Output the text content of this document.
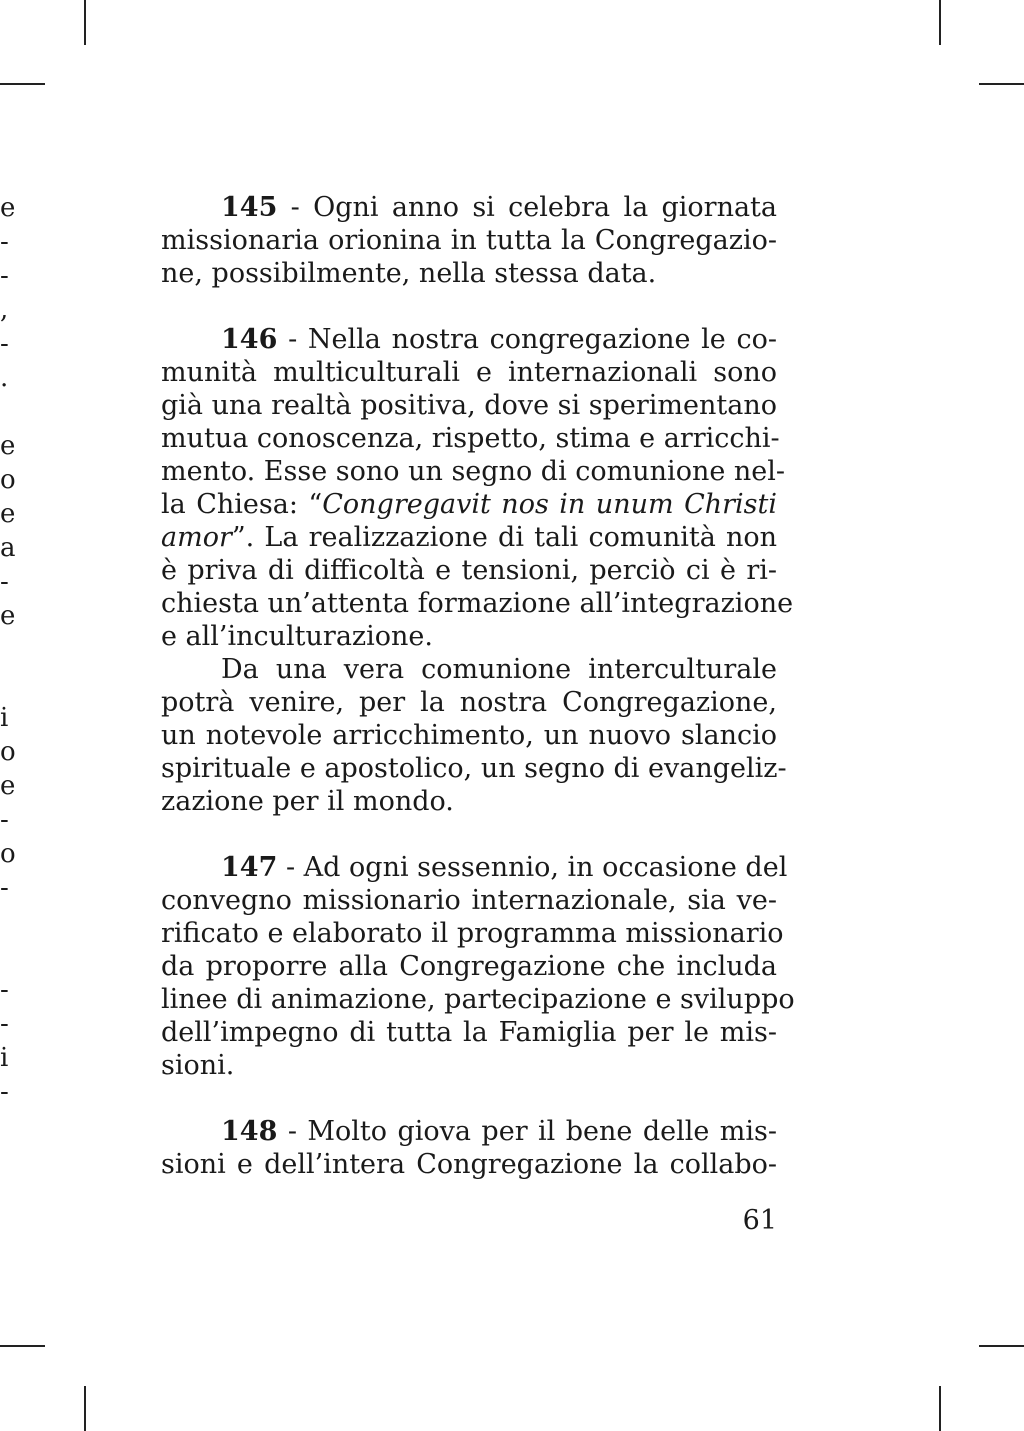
e
-
-
,
-
.
e
o
e
a
-
e
i
o
e
-
o
-
-
-
i
-

145 - Ogni anno si celebra la giornata
missionaria orionina in tutta la Congregazio-
ne, possibilmente, nella stessa data.

146 - Nella nostra congregazione le co-
munità multiculturali e internazionali sono
già una realtà positiva, dove si sperimentano
mutua conoscenza, rispetto, stima e arricchi-
mento. Esse sono un segno di comunione nel-
la Chiesa: “Congregavit nos in unum Christi
amor”. La realizzazione di tali comunità non
è priva di difficoltà e tensioni, perciò ci è ri-
chiesta un’attenta formazione all’integrazione
e all’inculturazione.

Da una vera comunione interculturale
potrà venire, per la nostra Congregazione,
un notevole arricchimento, un nuovo slancio
spirituale e apostolico, un segno di evangeliz-
zazione per il mondo.

147 - Ad ogni sessennio, in occasione del
convegno missionario internazionale, sia ve-
rificato e elaborato il programma missionario
da proporre alla Congregazione che includa
linee di animazione, partecipazione e sviluppo
dell’impegno di tutta la Famiglia per le mis-
sioni.

148 - Molto giova per il bene delle mis-
sioni e dell’intera Congregazione la collabo-

61
